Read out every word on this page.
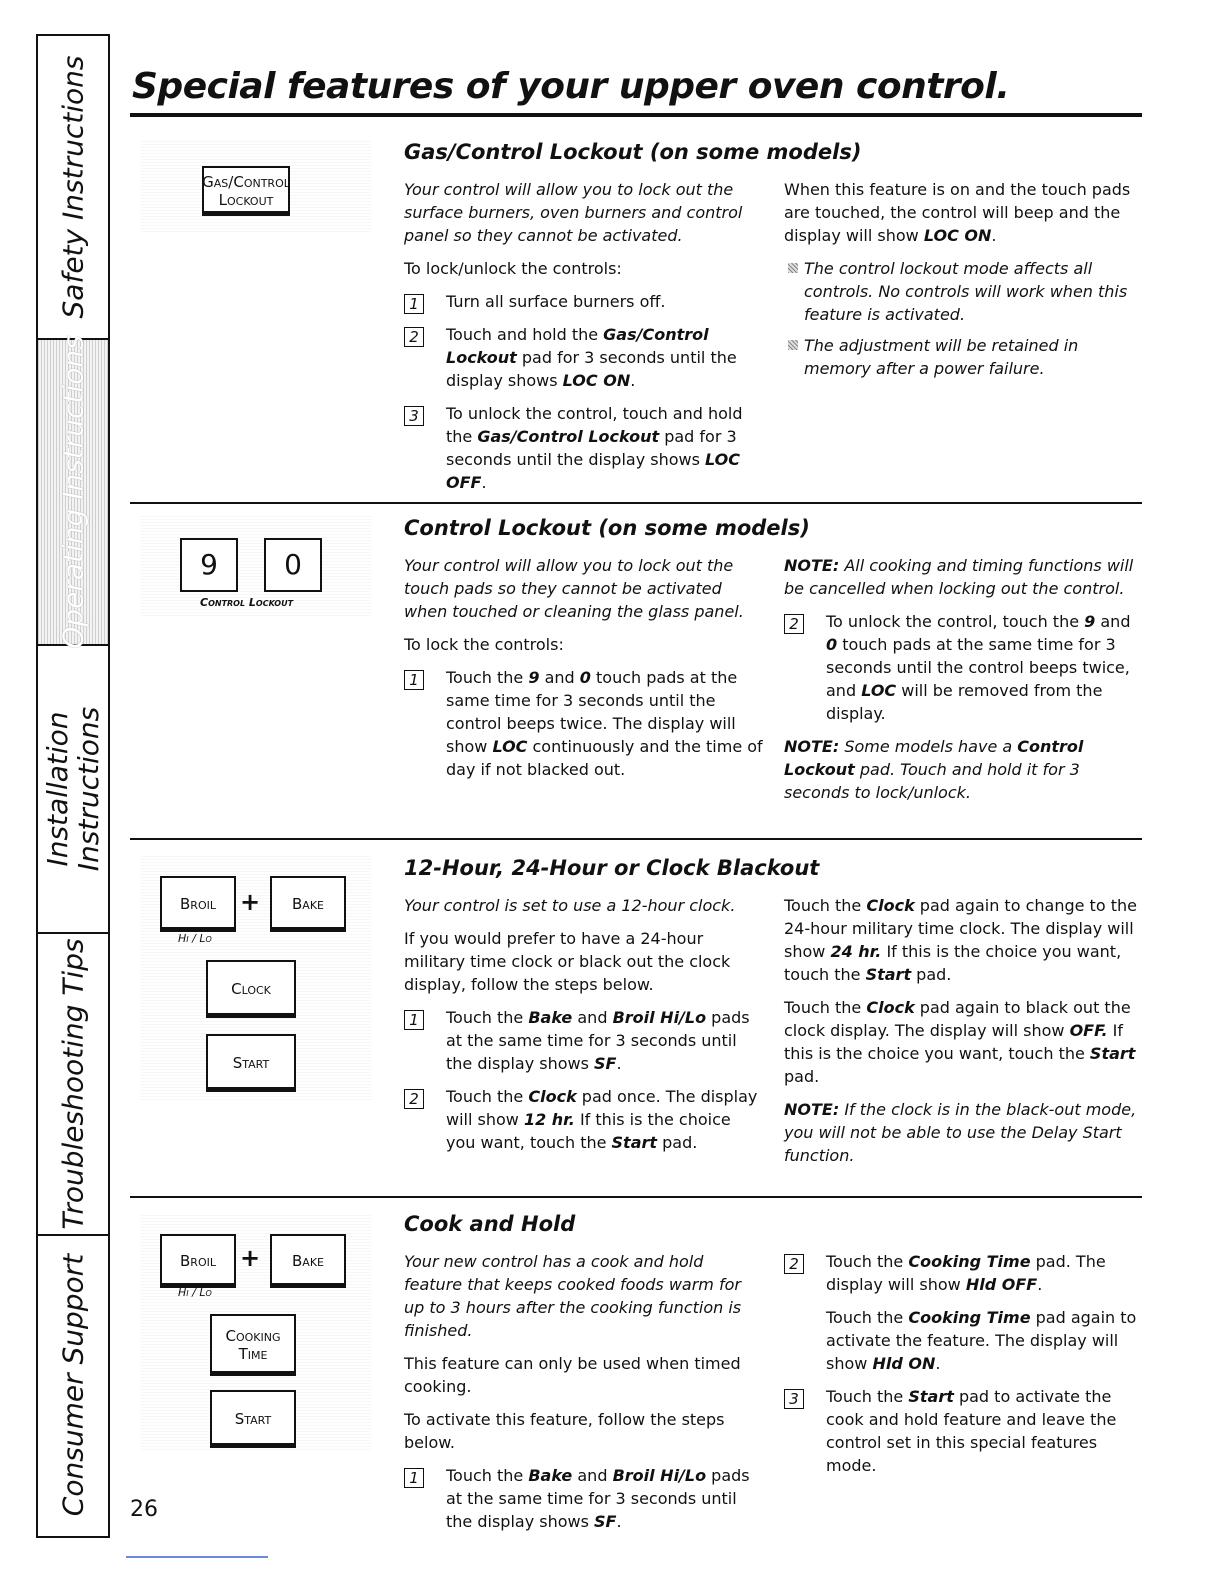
Safety Instructions
Operating Instructions
Installation Instructions
Troubleshooting Tips
Consumer Support
Special features of your upper oven control.
Gas/Control
Lockout
Gas/Control Lockout (on some models)

Your control will allow you to lock out the surface burners, oven burners and control panel so they cannot be activated.

To lock/unlock the controls:

1	Turn all surface burners off.
2	Touch and hold the Gas/Control Lockout pad for 3 seconds until the display shows LOC ON.
3	To unlock the control, touch and hold the Gas/Control Lockout pad for 3 seconds until the display shows LOC OFF.

When this feature is on and the touch pads are touched, the control will beep and the display will show LOC ON.

The control lockout mode affects all controls. No controls will work when this feature is activated.
The adjustment will be retained in memory after a power failure.
9	0
Control Lockout
Control Lockout (on some models)

Your control will allow you to lock out the touch pads so they cannot be activated when touched or cleaning the glass panel.

To lock the controls:

1	Touch the 9 and 0 touch pads at the same time for 3 seconds until the control beeps twice. The display will show LOC continuously and the time of day if not blacked out.

NOTE: All cooking and timing functions will be cancelled when locking out the control.

2	To unlock the control, touch the 9 and 0 touch pads at the same time for 3 seconds until the control beeps twice, and LOC will be removed from the display.

NOTE: Some models have a Control Lockout pad. Touch and hold it for 3 seconds to lock/unlock.

Broil	+	Bake
Hi / Lo
Clock
Start
12-Hour, 24-Hour or Clock Blackout

Your control is set to use a 12-hour clock.

If you would prefer to have a 24-hour military time clock or black out the clock display, follow the steps below.

1	Touch the Bake and Broil Hi/Lo pads at the same time for 3 seconds until the display shows SF.
2	Touch the Clock pad once. The display will show 12 hr. If this is the choice you want, touch the Start pad.

Touch the Clock pad again to change to the 24-hour military time clock. The display will show 24 hr. If this is the choice you want, touch the Start pad.

Touch the Clock pad again to black out the clock display. The display will show OFF. If this is the choice you want, touch the Start pad.

NOTE: If the clock is in the black-out mode, you will not be able to use the Delay Start function.

Broil	+	Bake
Hi / Lo
Cooking
Time
Start
Cook and Hold

Your new control has a cook and hold feature that keeps cooked foods warm for up to 3 hours after the cooking function is finished.

This feature can only be used when timed cooking.

To activate this feature, follow the steps below.

1	Touch the Bake and Broil Hi/Lo pads at the same time for 3 seconds until the display shows SF.
2	Touch the Cooking Time pad. The display will show Hld OFF.
Touch the Cooking Time pad again to activate the feature. The display will show Hld ON.
3	Touch the Start pad to activate the cook and hold feature and leave the control set in this special features mode.
26
